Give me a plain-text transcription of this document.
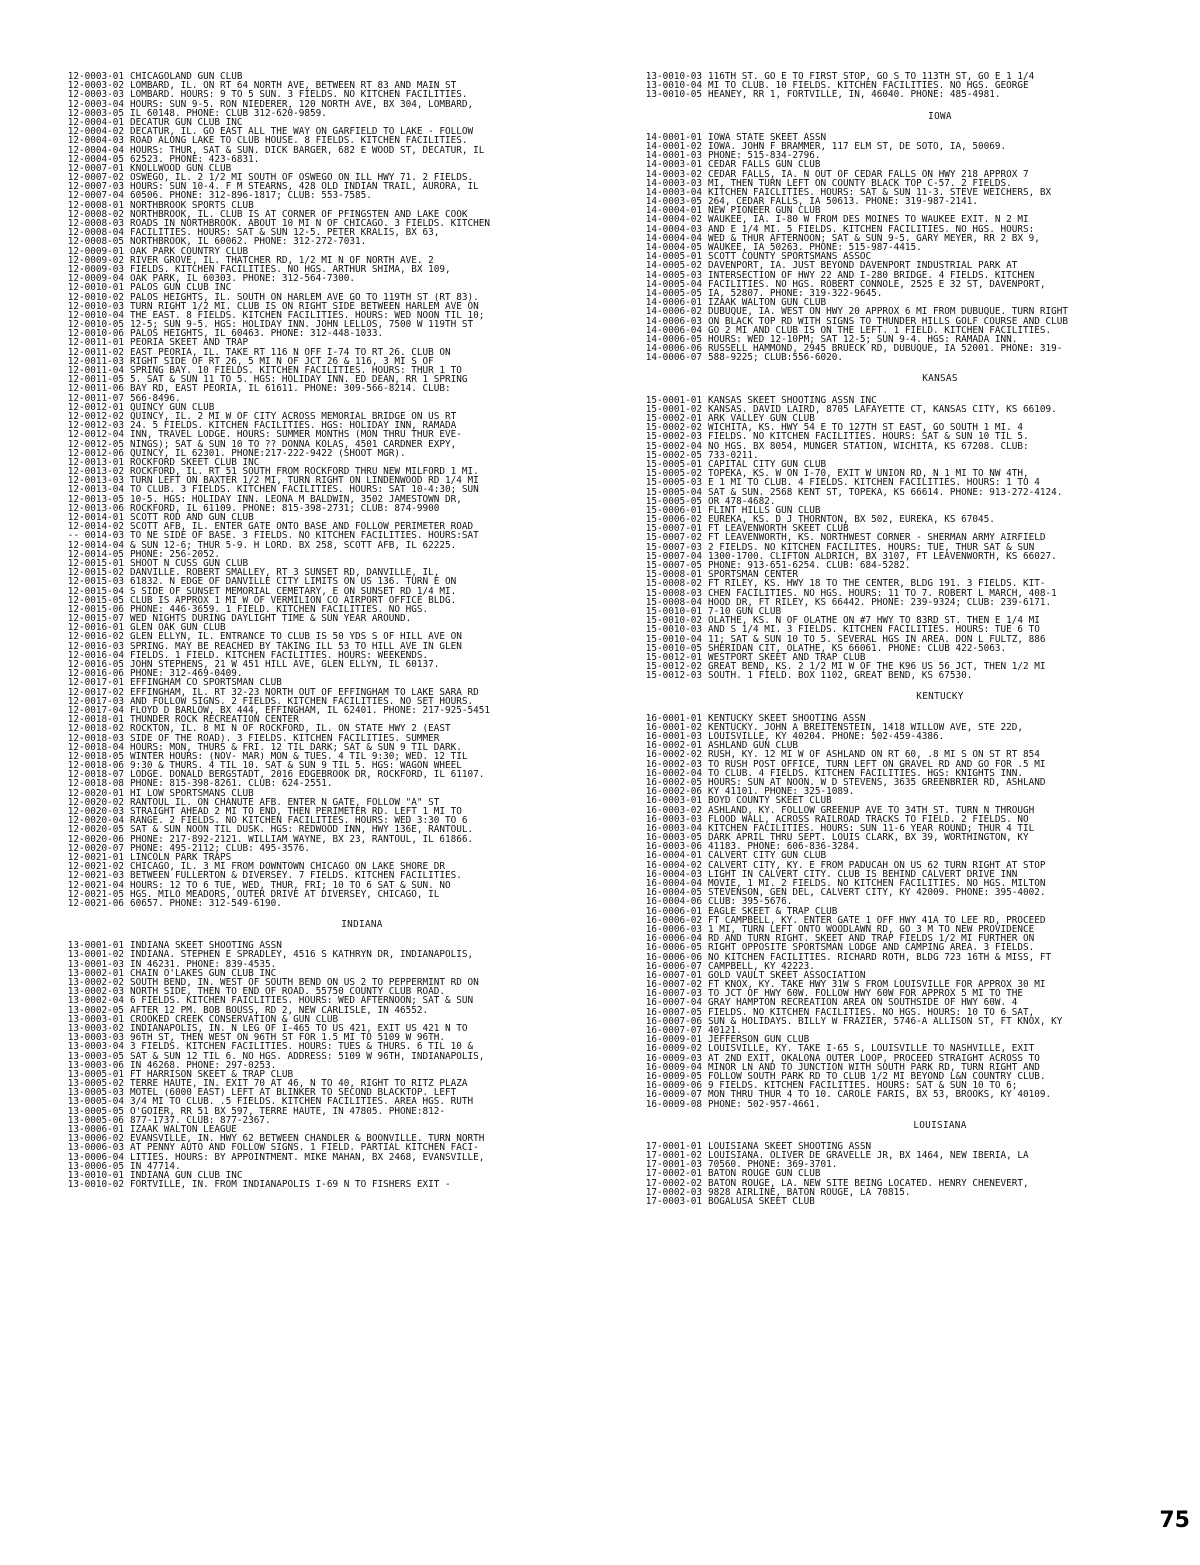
12-0003-01 CHICAGOLAND GUN CLUB
12-0003-02 LOMBARD, IL. ON RT 64 NORTH AVE, BETWEEN RT 83 AND MAIN ST
12-0003-03 LOMBARD. HOURS: 9 TO 5 SUN. 3 FIELDS. NO KITCHEN FACILITIES.
12-0003-04 HOURS: SUN 9-5. RON NIEDERER, 120 NORTH AVE, BX 304, LOMBARD,
12-0003-05 IL 60148. PHONE: CLUB 312-620-9859.
12-0004-01 DECATUR GUN CLUB INC
12-0004-02 DECATUR, IL. GO EAST ALL THE WAY ON GARFIELD TO LAKE - FOLLOW
12-0004-03 ROAD ALONG LAKE TO CLUB HOUSE. 8 FIELDS. KITCHEN FACILITIES.
12-0004-04 HOURS: THUR, SAT & SUN. DICK BARGER, 682 E WOOD ST, DECATUR, IL
12-0004-05 62523. PHONE: 423-6831.
12-0007-01 KNOLLWOOD GUN CLUB
12-0007-02 OSWEGO, IL. 2 1/2 MI SOUTH OF OSWEGO ON ILL HWY 71. 2 FIELDS.
12-0007-03 HOURS: SUN 10-4. F M STEARNS, 428 OLD INDIAN TRAIL, AURORA, IL
12-0007-04 60506. PHONE: 312-896-1817; CLUB: 553-7585.
12-0008-01 NORTHBROOK SPORTS CLUB
12-0008-02 NORTHBROOK, IL. CLUB IS AT CORNER OF PFINGSTEN AND LAKE COOK
12-0008-03 ROADS IN NORTHBROOK. ABOUT 10 MI N OF CHICAGO. 3 FIELDS. KITCHEN
12-0008-04 FACILITIES. HOURS: SAT & SUN 12-5. PETER KRALIS, BX 63,
12-0008-05 NORTHBROOK, IL 60062. PHONE: 312-272-7031.
12-0009-01 OAK PARK COUNTRY CLUB
12-0009-02 RIVER GROVE, IL. THATCHER RD, 1/2 MI N OF NORTH AVE. 2
12-0009-03 FIELDS. KITCHEN FACILITIES. NO HGS. ARTHUR SHIMA, BX 109,
12-0009-04 OAK PARK, IL 60303. PHONE: 312-564-7300.
12-0010-01 PALOS GUN CLUB INC
12-0010-02 PALOS HEIGHTS, IL. SOUTH ON HARLEM AVE GO TO 119TH ST (RT 83).
12-0010-03 TURN RIGHT 1/2 MI. CLUB IS ON RIGHT SIDE BETWEEN HARLEM AVE ON
12-0010-04 THE EAST. 8 FIELDS. KITCHEN FACILITIES. HOURS: WED NOON TIL 10;
12-0010-05 12-5; SUN 9-5. HGS: HOLIDAY INN. JOHN LELLOS, 7500 W 119TH ST
12-0010-06 PALOS HEIGHTS, IL 60463. PHONE: 312-448-1033.
12-0011-01 PEORIA SKEET AND TRAP
12-0011-02 EAST PEORIA, IL. TAKE RT 116 N OFF I-74 TO RT 26. CLUB ON
12-0011-03 RIGHT SIDE OF RT 26, 5 MI N OF JCT 26 & 116, 3 MI S OF
12-0011-04 SPRING BAY. 10 FIELDS. KITCHEN FACILITIES. HOURS: THUR 1 TO
12-0011-05 5. SAT & SUN 11 TO 5. HGS: HOLIDAY INN. ED DEAN, RR 1 SPRING
12-0011-06 BAY RD, EAST PEORIA, IL 61611. PHONE: 309-566-8214. CLUB:
12-0011-07 566-8496.
12-0012-01 QUINCY GUN CLUB
12-0012-02 QUINCY, IL. 2 MI W OF CITY ACROSS MEMORIAL BRIDGE ON US RT
12-0012-03 24. 5 FIELDS. KITCHEN FACILITIES. HGS: HOLIDAY INN, RAMADA
12-0012-04 INN, TRAVEL LODGE. HOURS: SUMMER MONTHS (MON THRU THUR EVE-
12-0012-05 NINGS); SAT & SUN 10 TO ?? DONNA KOLAS, 4501 CARDNER EXPY,
12-0012-06 QUINCY, IL 62301. PHONE:217-222-9422 (SHOOT MGR).
12-0013-01 ROCKFORD SKEET CLUB INC
12-0013-02 ROCKFORD, IL. RT 51 SOUTH FROM ROCKFORD THRU NEW MILFORD 1 MI.
12-0013-03 TURN LEFT ON BAXTER 1/2 MI, TURN RIGHT ON LINDENWOOD RD 1/4 MI
12-0013-04 TO CLUB. 3 FIELDS. KITCHEN FACILITIES. HOURS: SAT 10-4:30; SUN
12-0013-05 10-5. HGS: HOLIDAY INN. LEONA M BALDWIN, 3502 JAMESTOWN DR,
12-0013-06 ROCKFORD, IL 61109. PHONE: 815-398-2731; CLUB: 874-9900
12-0014-01 SCOTT ROD AND GUN CLUB
12-0014-02 SCOTT AFB, IL. ENTER GATE ONTO BASE AND FOLLOW PERIMETER ROAD
-- 0014-03 TO NE SIDE OF BASE. 3 FIELDS. NO KITCHEN FACILITIES. HOURS:SAT
12-0014-04 & SUN 12-6; THUR 5-9. H LORD. BX 258, SCOTT AFB, IL 62225.
12-0014-05 PHONE: 256-2052.
12-0015-01 SHOOT N CUSS GUN CLUB
12-0015-02 DANVILLE. ROBERT SMALLEY, RT 3 SUNSET RD, DANVILLE, IL,
12-0015-03 61832. N EDGE OF DANVILLE CITY LIMITS ON US 136. TURN E ON
12-0015-04 S SIDE OF SUNSET MEMORIAL CEMETARY, E ON SUNSET RD 1/4 MI.
12-0015-05 CLUB IS APPROX 1 MI W OF VERMILION CO AIRPORT OFFICE BLDG.
12-0015-06 PHONE: 446-3659. 1 FIELD. KITCHEN FACILITIES. NO HGS.
12-0015-07 WED NIGHTS DURING DAYLIGHT TIME & SUN YEAR AROUND.
12-0016-01 GLEN OAK GUN CLUB
12-0016-02 GLEN ELLYN, IL. ENTRANCE TO CLUB IS 50 YDS S OF HILL AVE ON
12-0016-03 SPRING. MAY BE REACHED BY TAKING ILL 53 TO HILL AVE IN GLEN
12-0016-04 FIELDS. 1 FIELD. KITCHEN FACILITIES. HOURS: WEEKENDS.
12-0016-05 JOHN STEPHENS, 21 W 451 HILL AVE, GLEN ELLYN, IL 60137.
12-0016-06 PHONE: 312-469-0409.
12-0017-01 EFFINGHAM CO SPORTSMAN CLUB
12-0017-02 EFFINGHAM, IL. RT 32-23 NORTH OUT OF EFFINGHAM TO LAKE SARA RD
12-0017-03 AND FOLLOW SIGNS. 2 FIELDS. KITCHEN FACILITIES. NO SET HOURS.
12-0017-04 FLOYD D BARLOW, BX 444, EFFINGHAM, IL 62401. PHONE: 217-925-5451
12-0018-01 THUNDER ROCK RECREATION CENTER
12-0018-02 ROCKTON, IL. 8 MI N OF ROCKFORD, IL. ON STATE HWY 2 (EAST
12-0018-03 SIDE OF THE ROAD). 3 FIELDS. KITCHEN FACILITIES. SUMMER
12-0018-04 HOURS: MON, THURS & FRI. 12 TIL DARK; SAT & SUN 9 TIL DARK.
12-0018-05 WINTER HOURS: (NOV- MAR) MON & TUES. 4 TIL 9:30; WED. 12 TIL
12-0018-06 9:30 & THURS. 4 TIL 10. SAT & SUN 9 TIL 5. HGS: WAGON WHEEL
12-0018-07 LODGE. DONALD BERGSTADT, 2016 EDGEBROOK DR, ROCKFORD, IL 61107.
12-0018-08 PHONE: 815-398-8261. CLUB: 624-2551.
12-0020-01 HI LOW SPORTSMANS CLUB
12-0020-02 RANTOUL IL. ON CHANUTE AFB. ENTER N GATE, FOLLOW "A" ST
12-0020-03 STRAIGHT AHEAD 2 MI TO END, THEN PERIMETER RD. LEFT 1 MI TO
12-0020-04 RANGE. 2 FIELDS. NO KITCHEN FACILITIES. HOURS: WED 3:30 TO 6
12-0020-05 SAT & SUN NOON TIL DUSK. HGS: REDWOOD INN, HWY 136E, RANTOUL.
12-0020-06 PHONE: 217-892-2121. WILLIAM WAYNE, BX 23, RANTOUL, IL 61866.
12-0020-07 PHONE: 495-2112; CLUB: 495-3576.
12-0021-01 LINCOLN PARK TRAPS
12-0021-02 CHICAGO, IL. 3 MI FROM DOWNTOWN CHICAGO ON LAKE SHORE DR
12-0021-03 BETWEEN FULLERTON & DIVERSEY. 7 FIELDS. KITCHEN FACILITIES.
12-0021-04 HOURS: 12 TO 6 TUE, WED, THUR, FRI; 10 TO 6 SAT & SUN. NO
12-0021-05 HGS. MILO MEADORS, OUTER DRIVE AT DIVERSEY, CHICAGO, IL
12-0021-06 60657. PHONE: 312-549-6190.
INDIANA
13-0001-01 INDIANA SKEET SHOOTING ASSN
13-0001-02 INDIANA. STEPHEN E SPRADLEY, 4516 S KATHRYN DR, INDIANAPOLIS,
13-0001-03 IN 46231. PHONE: 839-4535.
13-0002-01 CHAIN O'LAKES GUN CLUB INC
13-0002-02 SOUTH BEND, IN. WEST OF SOUTH BEND ON US 2 TO PEPPERMINT RD ON
13-0002-03 NORTH SIDE, THEN TO END OF ROAD. 55750 COUNTY CLUB ROAD.
13-0002-04 6 FIELDS. KITCHEN FAICLITIES. HOURS: WED AFTERNOON; SAT & SUN
13-0002-05 AFTER 12 PM. BOB BOUSS, RD 2, NEW CARLISLE, IN 46552.
13-0003-01 CROOKED CREEK CONSERVATION & GUN CLUB
13-0003-02 INDIANAPOLIS, IN. N LEG OF I-465 TO US 421, EXIT US 421 N TO
13-0003-03 96TH ST, THEN WEST ON 96TH ST FOR 1.5 MI TO 5109 W 96TH.
13-0003-04 3 FIELDS. KITCHEN FACILITIES. HOURS: TUES & THURS. 6 TIL 10 &
13-0003-05 SAT & SUN 12 TIL 6. NO HGS. ADDRESS: 5109 W 96TH, INDIANAPOLIS,
13-0003-06 IN 46268. PHONE: 297-0253.
13-0005-01 FT HARRISON SKEET & TRAP CLUB
13-0005-02 TERRE HAUTE, IN. EXIT 70 AT 46, N TO 40, RIGHT TO RITZ PLAZA
13-0005-03 MOTEL (6000 EAST) LEFT AT BLINKER TO SECOND BLACKTOP. LEFT
13-0005-04 3/4 MI TO CLUB. .5 FIELDS. KITCHEN FACILITIES. AREA HGS. RUTH
13-0005-05 O'GOIER, RR 51 BX 597, TERRE HAUTE, IN 47805. PHONE:812-
13-0005-06 877-1737. CLUB: 877-2367.
13-0006-01 IZAAK WALTON LEAGUE
13-0006-02 EVANSVILLE, IN. HWY 62 BETWEEN CHANDLER & BOONVILLE. TURN NORTH
13-0006-03 AT PENNY AUTO AND FOLLOW SIGNS. 1 FIELD. PARTIAL KITCHEN FACI-
13-0006-04 LITIES. HOURS: BY APPOINTMENT. MIKE MAHAN, BX 2468, EVANSVILLE,
13-0006-05 IN 47714.
13-0010-01 INDIANA GUN CLUB INC
13-0010-02 FORTVILLE, IN. FROM INDIANAPOLIS I-69 N TO FISHERS EXIT -
13-0010-03 116TH ST. GO E TO FIRST STOP, GO S TO 113TH ST, GO E 1 1/4
13-0010-04 MI TO CLUB. 10 FIELDS. KITCHEN FACILITIES. NO HGS. GEORGE
13-0010-05 HEANEY, RR 1, FORTVILLE, IN, 46040. PHONE: 485-4981.
IOWA
14-0001-01 IOWA STATE SKEET ASSN
14-0001-02 IOWA. JOHN F BRAMMER, 117 ELM ST, DE SOTO, IA, 50069.
14-0001-03 PHONE: 515-834-2796.
14-0003-01 CEDAR FALLS GUN CLUB
14-0003-02 CEDAR FALLS, IA. N OUT OF CEDAR FALLS ON HWY 218 APPROX 7
14-0003-03 MI, THEN TURN LEFT ON COUNTY BLACK TOP C-57. 2 FIELDS.
14-0003-04 KITCHEN FAICLITIES. HOURS: SAT & SUN 11-3. STEVE WEICHERS, BX
14-0003-05 264, CEDAR FALLS, IA 50613. PHONE: 319-987-2141.
14-0004-01 NEW PIONEER GUN CLUB
14-0004-02 WAUKEE, IA. I-80 W FROM DES MOINES TO WAUKEE EXIT. N 2 MI
14-0004-03 AND E 1/4 MI. 5 FIELDS. KITCHEN FACILITIES. NO HGS. HOURS:
14-0004-04 WED & THUR AFTERNOON; SAT & SUN 9-5. GARY MEYER, RR 2 BX 9,
14-0004-05 WAUKEE, IA 50263. PHONE: 515-987-4415.
14-0005-01 SCOTT COUNTY SPORTSMANS ASSOC
14-0005-02 DAVENPORT, IA. JUST BEYOND DAVENPORT INDUSTRIAL PARK AT
14-0005-03 INTERSECTION OF HWY 22 AND I-280 BRIDGE. 4 FIELDS. KITCHEN
14-0005-04 FACILITIES. NO HGS. ROBERT CONNOLE, 2525 E 32 ST, DAVENPORT,
14-0005-05 IA, 52807. PHONE: 319-322-9645.
14-0006-01 IZAAK WALTON GUN CLUB
14-0006-02 DUBUQUE, IA. WEST ON HWY 20 APPROX 6 MI FROM DUBUQUE. TURN RIGHT
14-0006-03 ON BLACK TOP RD WITH SIGNS TO THUNDER HILLS GOLF COURSE AND CLUB
14-0006-04 GO 2 MI AND CLUB IS ON THE LEFT. 1 FIELD. KITCHEN FACILITIES.
14-0006-05 HOURS: WED 12-10PM; SAT 12-5; SUN 9-4. HGS: RAMADA INN.
14-0006-06 RUSSELL HAMMOND, 2945 BRUECK RD, DUBUQUE, IA 52001. PHONE: 319-
14-0006-07 588-9225; CLUB:556-6020.
KANSAS
15-0001-01 KANSAS SKEET SHOOTING ASSN INC
15-0001-02 KANSAS. DAVID LAIRD, 8705 LAFAYETTE CT, KANSAS CITY, KS 66109.
15-0002-01 ARK VALLEY GUN CLUB
15-0002-02 WICHITA, KS. HWY 54 E TO 127TH ST EAST, GO SOUTH 1 MI. 4
15-0002-03 FIELDS. NO KITCHEN FACILITIES. HOURS: SAT & SUN 10 TIL 5.
15-0002-04 NO HGS. BX 8054, MUNGER STATION, WICHITA, KS 67208. CLUB:
15-0002-05 733-0211.
15-0005-01 CAPITAL CITY GUN CLUB
15-0005-02 TOPEKA, KS. W ON I-70, EXIT W UNION RD, N 1 MI TO NW 4TH,
15-0005-03 E 1 MI TO CLUB. 4 FIELDS. KITCHEN FACILITIES. HOURS: 1 TO 4
15-0005-04 SAT & SUN. 2568 KENT ST, TOPEKA, KS 66614. PHONE: 913-272-4124.
15-0005-05 OR 478-4682.
15-0006-01 FLINT HILLS GUN CLUB
15-0006-02 EUREKA, KS. D J THORNTON, BX 502, EUREKA, KS 67045.
15-0007-01 FT LEAVENWORTH SKEET CLUB
15-0007-02 FT LEAVENWORTH, KS. NORTHWEST CORNER - SHERMAN ARMY AIRFIELD
15-0007-03 2 FIELDS. NO KITCHEN FACILITES. HOURS: TUE, THUR SAT & SUN
15-0007-04 1300-1700. CLIFTON ALDRICH, BX 3107, FT LEAVENWORTH, KS 66027.
15-0007-05 PHONE: 913-651-6254. CLUB: 684-5282.
15-0008-01 SPORTSMAN CENTER
15-0008-02 FT RILEY, KS. HWY 18 TO THE CENTER, BLDG 191. 3 FIELDS. KIT-
15-0008-03 CHEN FACILITIES. NO HGS. HOURS: 11 TO 7. ROBERT L MARCH, 408-1
15-0008-04 HOOD DR, FT RILEY, KS 66442. PHONE: 239-9324; CLUB: 239-6171.
15-0010-01 7-10 GUN CLUB
15-0010-02 OLATHE, KS. N OF OLATHE ON #7 HWY TO 83RD ST. THEN E 1/4 MI
15-0010-03 AND S 1/4 MI. 3 FIELDS. KITCHEN FACILITIES. HOURS: TUE 6 TO
15-0010-04 11; SAT & SUN 10 TO 5. SEVERAL HGS IN AREA. DON L FULTZ, 886
15-0010-05 SHERIDAN CIT, OLATHE, KS 66061. PHONE: CLUB 422-5063.
15-0012-01 WESTPORT SKEET AND TRAP CLUB
15-0012-02 GREAT BEND, KS. 2 1/2 MI W OF THE K96 US 56 JCT, THEN 1/2 MI
15-0012-03 SOUTH. 1 FIELD. BOX 1102, GREAT BEND, KS 67530.
KENTUCKY
16-0001-01 KENTUCKY SKEET SHOOTING ASSN
16-0001-02 KENTUCKY. JOHN A BREITENSTEIN, 1418 WILLOW AVE, STE 22D,
16-0001-03 LOUISVILLE, KY 40204. PHONE: 502-459-4386.
16-0002-01 ASHLAND GUN CLUB
16-0002-02 RUSH, KY. 12 MI W OF ASHLAND ON RT 60, .8 MI S ON ST RT 854
16-0002-03 TO RUSH POST OFFICE, TURN LEFT ON GRAVEL RD AND GO FOR .5 MI
16-0002-04 TO CLUB. 4 FIELDS. KITCHEN FACILITIES. HGS: KNIGHTS INN.
16-0002-05 HOURS: SUN AT NOON. W D STEVENS, 3635 GREENBRIER RD, ASHLAND
16-0002-06 KY 41101. PHONE: 325-1089.
16-0003-01 BOYD COUNTY SKEET CLUB
16-0003-02 ASHLAND, KY. FOLLOW GREENUP AVE TO 34TH ST. TURN N THROUGH
16-0003-03 FLOOD WALL, ACROSS RAILROAD TRACKS TO FIELD. 2 FIELDS. NO
16-0003-04 KITCHEN FACILITIES. HOURS: SUN 11-6 YEAR ROUND; THUR 4 TIL
16-0003-05 DARK APRIL THRU SEPT. LOUIS CLARK, BX 39, WORTHINGTON, KY
16-0003-06 41183. PHONE: 606-836-3284.
16-0004-01 CALVERT CITY GUN CLUB
16-0004-02 CALVERT CITY, KY. E FROM PADUCAH ON US 62 TURN RIGHT AT STOP
16-0004-03 LIGHT IN CALVERT CITY. CLUB IS BEHIND CALVERT DRIVE INN
16-0004-04 MOVIE, 1 MI. 2 FIELDS. NO KITCHEN FACILITIES. NO HGS. MILTON
16-0004-05 STEVENSON, GEN DEL, CALVERT CITY, KY 42009. PHONE: 395-4002.
16-0004-06 CLUB: 395-5676.
16-0006-01 EAGLE SKEET & TRAP CLUB
16-0006-02 FT CAMPBELL, KY. ENTER GATE 1 OFF HWY 41A TO LEE RD, PROCEED
16-0006-03 1 MI, TURN LEFT ONTO WOODLAWN RD, GO 3 M TO NEW PROVIDENCE
16-0006-04 RD AND TURN RIGHT. SKEET AND TRAP FIELDS 1/2 MI FURTHER ON
16-0006-05 RIGHT OPPOSITE SPORTSMAN LODGE AND CAMPING AREA. 3 FIELDS.
16-0006-06 NO KITCHEN FACILITIES. RICHARD ROTH, BLDG 723 16TH & MISS, FT
16-0006-07 CAMPBELL, KY 42223.
16-0007-01 GOLD VAULT SKEET ASSOCIATION
16-0007-02 FT KNOX, KY. TAKE HWY 31W S FROM LOUISVILLE FOR APPROX 30 MI
16-0007-03 TO JCT OF HWY 60W. FOLLOW HWY 60W FOR APPROX 5 MI TO THE
16-0007-04 GRAY HAMPTON RECREATION AREA ON SOUTHSIDE OF HWY 60W. 4
16-0007-05 FIELDS. NO KITCHEN FACILITIES. NO HGS. HOURS: 10 TO 6 SAT,
16-0007-06 SUN & HOLIDAYS. BILLY W FRAZIER, 5746-A ALLISON ST, FT KNOX, KY
16-0007-07 40121.
16-0009-01 JEFFERSON GUN CLUB
16-0009-02 LOUISVILLE, KY. TAKE I-65 S, LOUISVILLE TO NASHVILLE, EXIT
16-0009-03 AT 2ND EXIT, OKALONA OUTER LOOP, PROCEED STRAIGHT ACROSS TO
16-0009-04 MINOR LN AND TO JUNCTION WITH SOUTH PARK RD, TURN RIGHT AND
16-0009-05 FOLLOW SOUTH PARK RD TO CLUB 1/2 MI BEYOND L&N COUNTRY CLUB.
16-0009-06 9 FIELDS. KITCHEN FACILITIES. HOURS: SAT & SUN 10 TO 6;
16-0009-07 MON THRU THUR 4 TO 10. CAROLE FARIS, BX 53, BROOKS, KY 40109.
16-0009-08 PHONE: 502-957-4661.
LOUISIANA
17-0001-01 LOUISIANA SKEET SHOOTING ASSN
17-0001-02 LOUISIANA. OLIVER DE GRAVELLE JR, BX 1464, NEW IBERIA, LA
17-0001-03 70560. PHONE: 369-3701.
17-0002-01 BATON ROUGE GUN CLUB
17-0002-02 BATON ROUGE, LA. NEW SITE BEING LOCATED. HENRY CHENEVERT,
17-0002-03 9828 AIRLINE, BATON ROUGE, LA 70815.
17-0003-01 BOGALUSA SKEET CLUB
75
